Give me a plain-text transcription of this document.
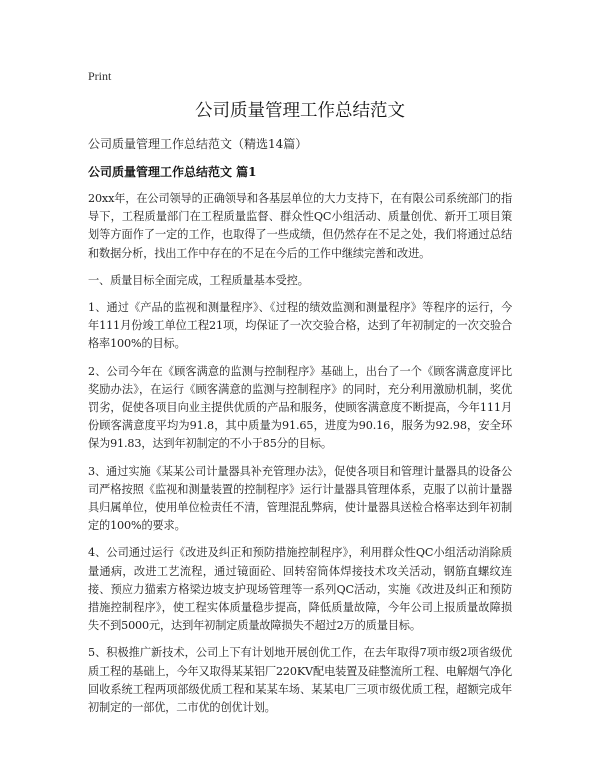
Print
公司质量管理工作总结范文
公司质量管理工作总结范文（精选14篇）
公司质量管理工作总结范文 篇1

20xx年，在公司领导的正确领导和各基层单位的大力支持下，在有限公司系统部门的指导下，工程质量部门在工程质量监督、群众性QC小组活动、质量创优、新开工项目策划等方面作了一定的工作，也取得了一些成绩，但仍然存在不足之处，我们将通过总结和数据分析，找出工作中存在的不足在今后的工作中继续完善和改进。

一、质量目标全面完成，工程质量基本受控。

1、通过《产品的监视和测量程序》、《过程的绩效监测和测量程序》等程序的运行，今年111月份竣工单位工程21项，均保证了一次交验合格，达到了年初制定的一次交验合格率100%的目标。

2、公司今年在《顾客满意的监测与控制程序》基础上，出台了一个《顾客满意度评比奖励办法》，在运行《顾客满意的监测与控制程序》的同时，充分利用激励机制，奖优罚劣，促使各项目向业主提供优质的产品和服务，使顾客满意度不断提高，今年111月份顾客满意度平均为91.8，其中质量为91.65，进度为90.16，服务为92.98，安全环保为91.83，达到年初制定的不小于85分的目标。

3、通过实施《某某公司计量器具补充管理办法》，促使各项目和管理计量器具的设备公司严格按照《监视和测量装置的控制程序》运行计量器具管理体系，克服了以前计量器具归属单位，使用单位检责任不清，管理混乱弊病，使计量器具送检合格率达到年初制定的100%的要求。

4、公司通过运行《改进及纠正和预防措施控制程序》，利用群众性QC小组活动消除质量通病，改进工艺流程，通过镜面砼、回转窑筒体焊接技术攻关活动，钢筋直螺纹连接、预应力猫索方格梁边坡支护现场管理等一系列QC活动，实施《改进及纠正和预防措施控制程序》，使工程实体质量稳步提高，降低质量故障，今年公司上报质量故障损失不到5000元，达到年初制定质量故障损失不超过2万的质量目标。

5、积极推广新技术，公司上下有计划地开展创优工作，在去年取得7项市级2项省级优质工程的基础上，今年又取得某某铝厂220KV配电装置及硅整流所工程、电解烟气净化回收系统工程两项部级优质工程和某某车场、某某电厂三项市级优质工程，超额完成年初制定的一部优，二市优的创优计划。
